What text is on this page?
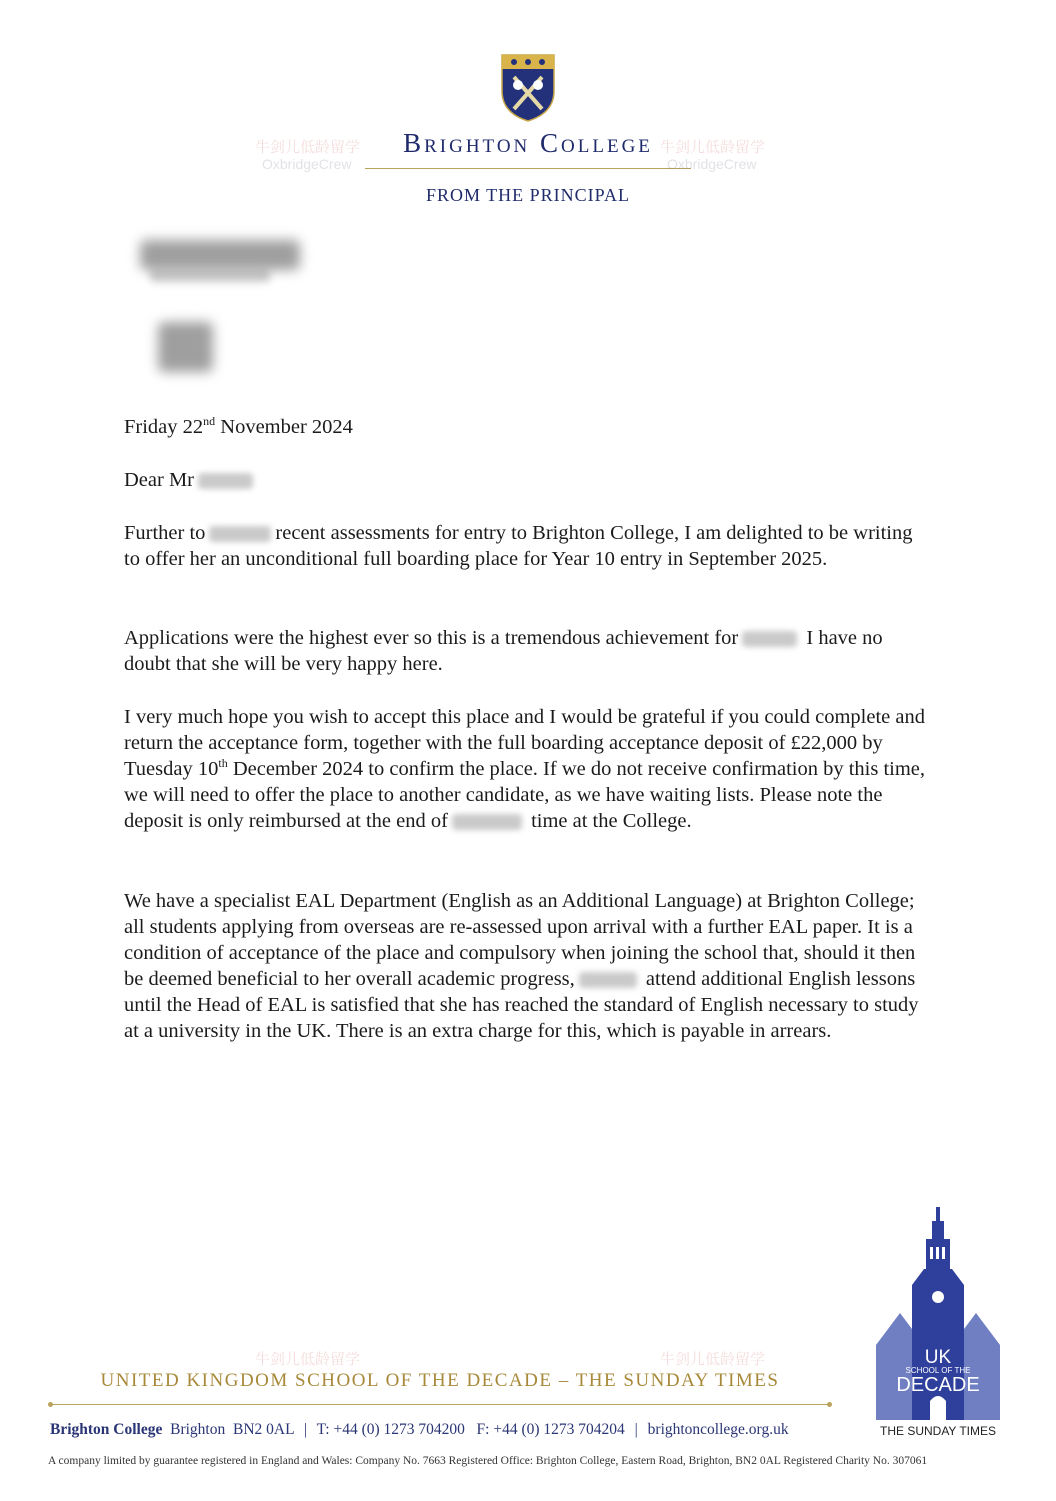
Brighton College
FROM THE PRINCIPAL
牛剑儿低龄留学
OxbridgeCrew
牛剑儿低龄留学
OxbridgeCrew
牛剑儿低龄留学	牛剑儿低龄留学

Friday 22nd November 2024

Dear Mr

Further to	recent assessments for entry to Brighton College, I am delighted to be writing to offer her an unconditional full boarding place for Year 10 entry in September 2025.

Applications were the highest ever so this is a tremendous achievement for	I have no doubt that she will be very happy here.

I very much hope you wish to accept this place and I would be grateful if you could complete and return the acceptance form, together with the full boarding acceptance deposit of £22,000 by Tuesday 10th December 2024 to confirm the place. If we do not receive confirmation by this time, we will need to offer the place to another candidate, as we have waiting lists. Please note the deposit is only reimbursed at the end of	time at the College.

We have a specialist EAL Department (English as an Additional Language) at Brighton College; all students applying from overseas are re-assessed upon arrival with a further EAL paper. It is a condition of acceptance of the place and compulsory when joining the school that, should it then be deemed beneficial to her overall academic progress,	attend additional English lessons until the Head of EAL is satisfied that she has reached the standard of English necessary to study at a university in the UK. There is an extra charge for this, which is payable in arrears.

UNITED KINGDOM SCHOOL OF THE DECADE – THE SUNDAY TIMES
Brighton College Brighton BN2 0AL | T: +44 (0) 1273 704200 F: +44 (0) 1273 704204 | brightoncollege.org.uk
A company limited by guarantee registered in England and Wales: Company No. 7663 Registered Office: Brighton College, Eastern Road, Brighton, BN2 0AL Registered Charity No. 307061
UK
SCHOOL OF THE
DECADE
THE SUNDAY TIMES
